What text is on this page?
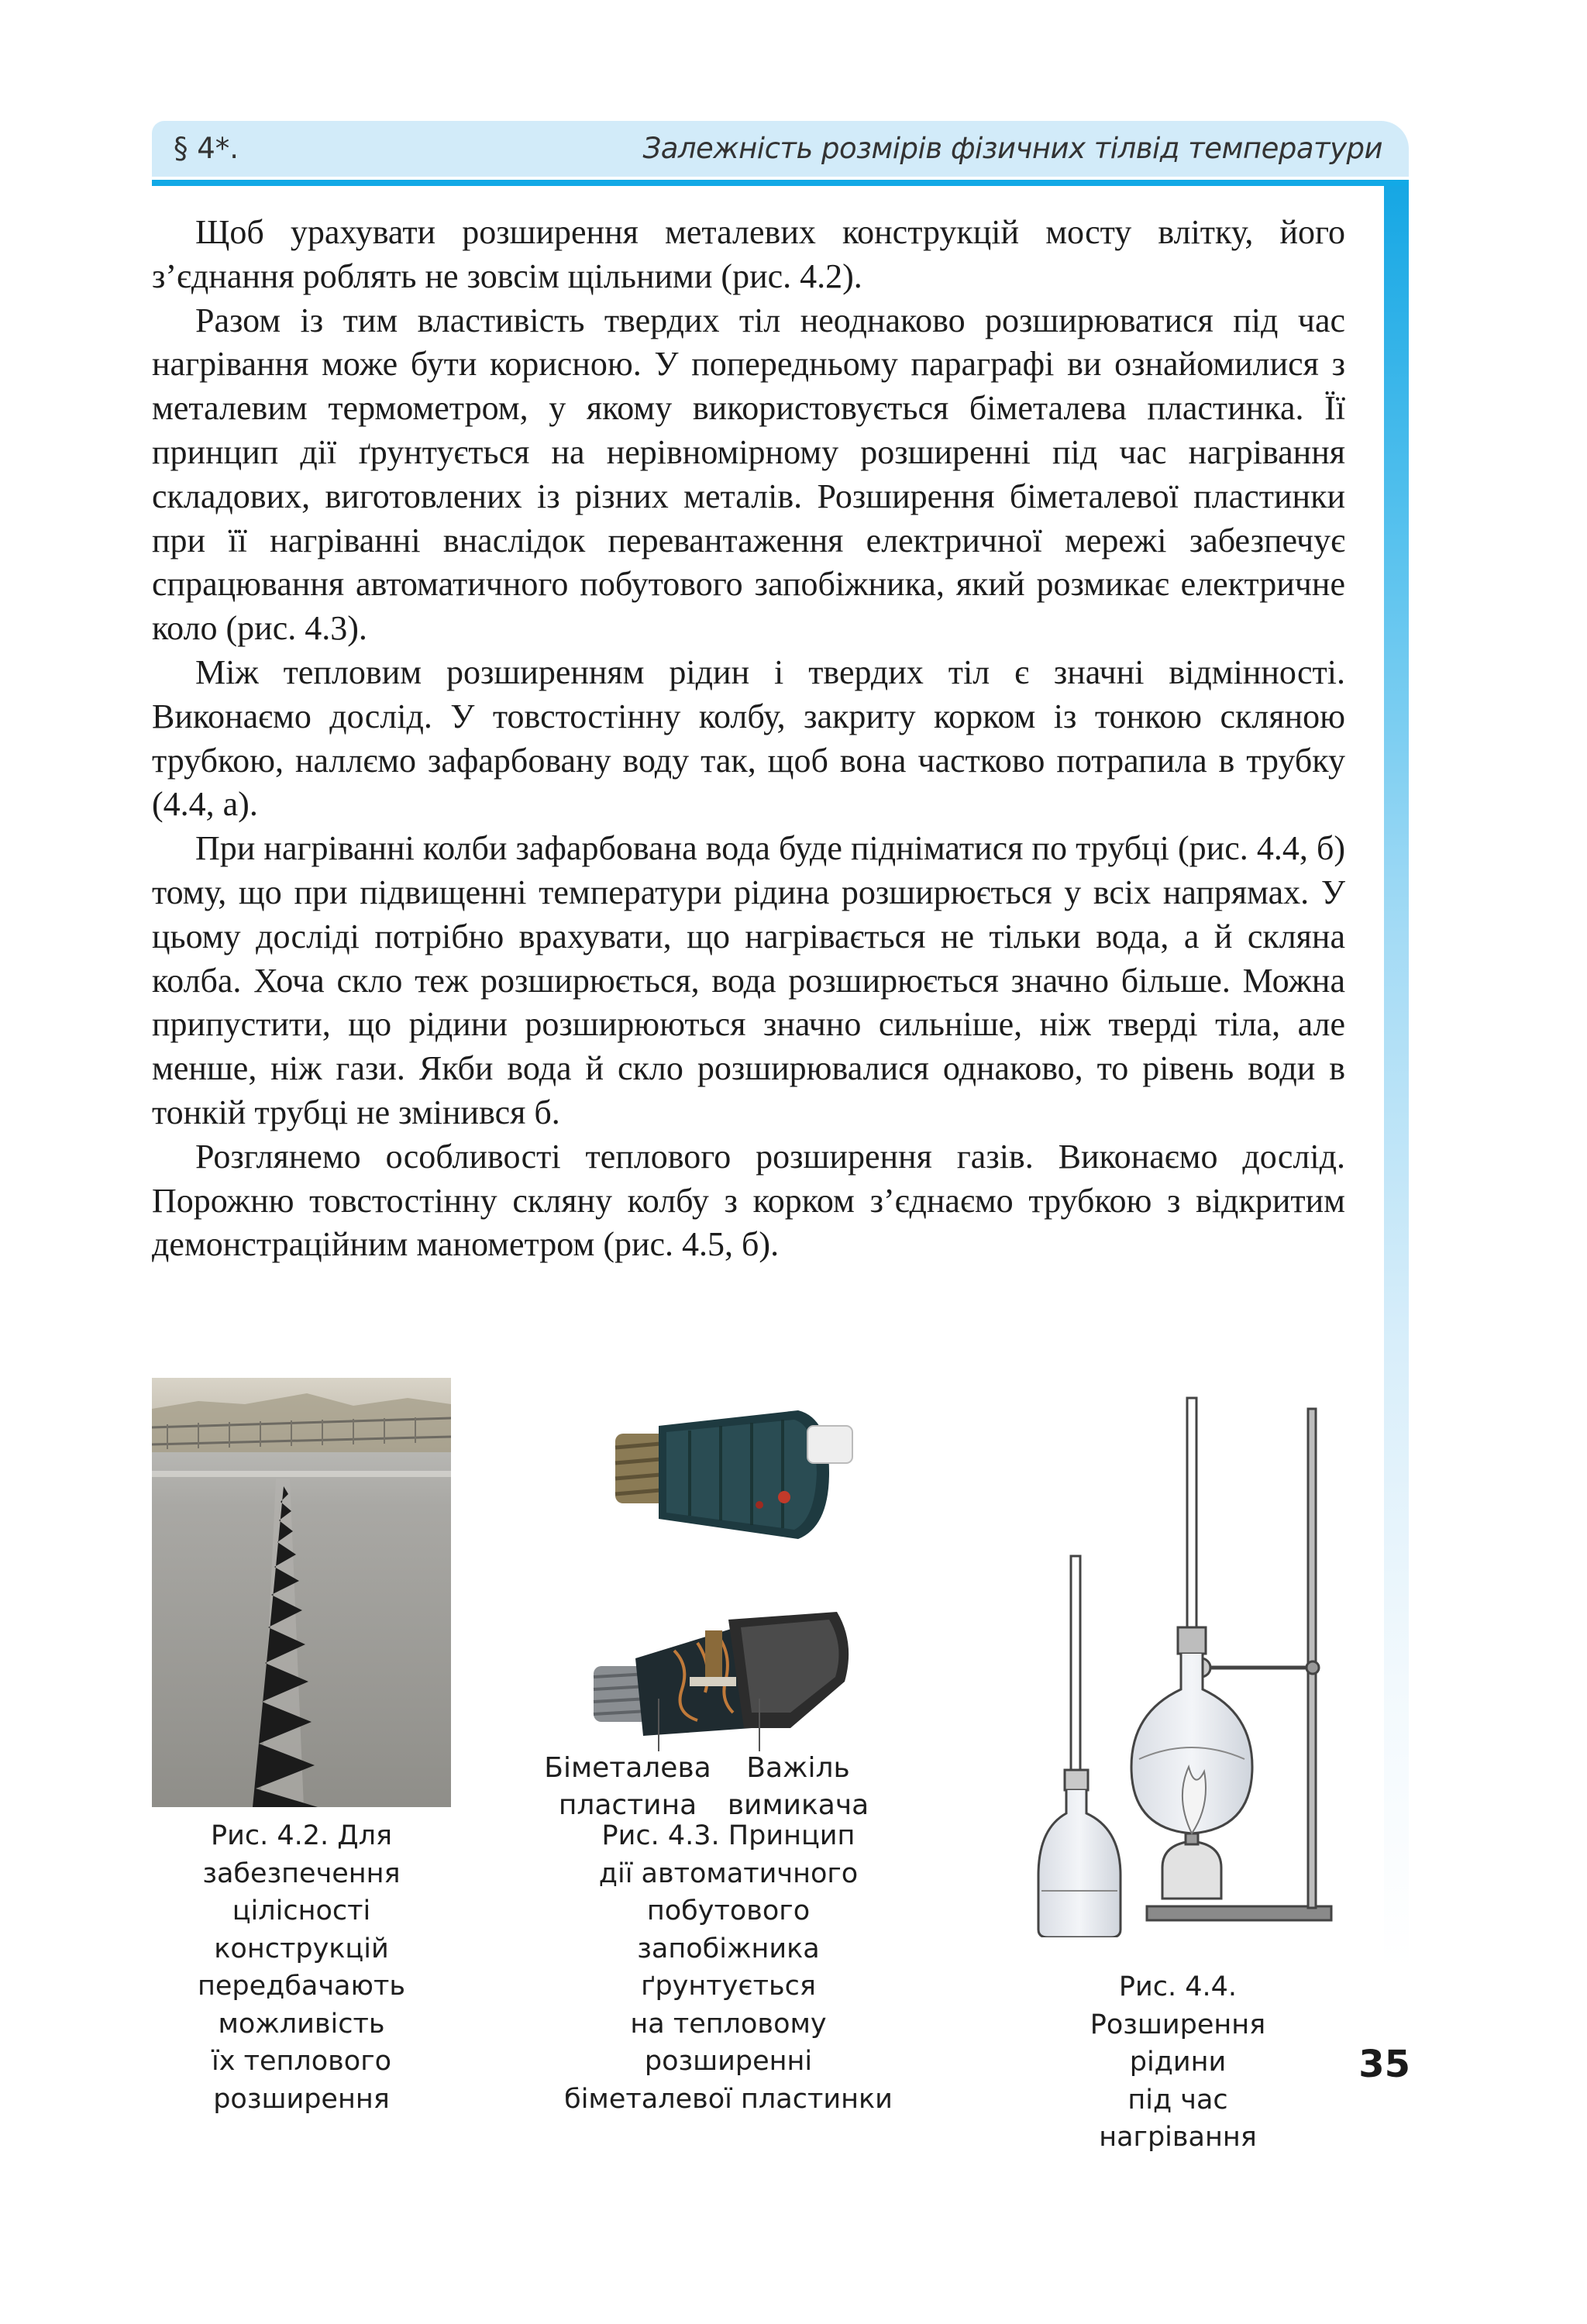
§ 4*.	Залежність розмірів фізичних тілвід температури

Щоб урахувати розширення металевих конструкцій мосту влітку, його з’єднання роблять не зовсім щільними (рис. 4.2).

Разом із тим властивість твердих тіл неоднаково розширюватися під час нагрівання може бути корисною. У попередньому параграфі ви ознайомилися з металевим термометром, у якому використовується біметалева пластинка. Її принцип дії ґрунтується на нерівномірному розширенні під час нагрівання складових, виготовлених із різних металів. Розширення біметалевої пластинки при її нагріванні внаслідок перевантаження електричної мережі забезпечує спрацювання автоматичного побутового запобіжника, який розмикає електричне коло (рис. 4.3).

Між тепловим розширенням рідин і твердих тіл є значні відмінності. Виконаємо дослід. У товстостінну колбу, закриту корком із тонкою скляною трубкою, наллємо зафарбовану воду так, щоб вона частково потрапила в трубку (4.4, а).

При нагріванні колби зафарбована вода буде підніматися по трубці (рис. 4.4, б) тому, що при підвищенні температури рідина розширюється у всіх напрямах. У цьому досліді потрібно врахувати, що нагрівається не тільки вода, а й скляна колба. Хоча скло теж розширюється, вода розширюється значно більше. Можна припустити, що рідини розширюються значно сильніше, ніж тверді тіла, але менше, ніж гази. Якби вода й скло розширювалися однаково, то рівень води в тонкій трубці не змінився б.

Розглянемо особливості теплового розширення газів. Виконаємо дослід. Порожню товстостінну скляну колбу з корком з’єднаємо трубкою з відкритим демонстраційним манометром (рис. 4.5, б).

Рис. 4.2. Для
забезпечення
цілісності
конструкцій
передбачають
можливість
їх теплового
розширення
Біметалева
пластина
Важіль
вимикача
Рис. 4.3. Принцип
дії автоматичного
побутового
запобіжника
ґрунтується
на тепловому
розширенні
біметалевої пластинки
Рис. 4.4.
Розширення
рідини
під час
нагрівання
35
